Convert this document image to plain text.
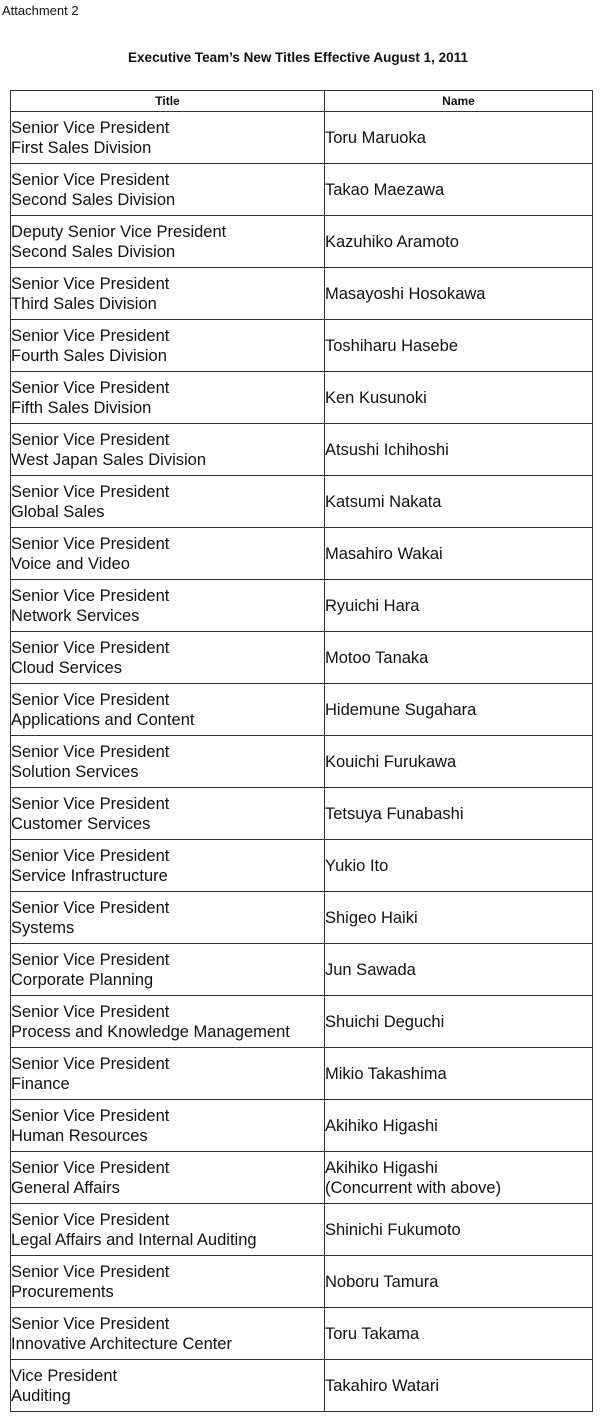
Attachment 2
Executive Team’s New Titles Effective August 1, 2011
Title	Name

Senior Vice President
First Sales Division	Toru Maruoka

Senior Vice President
Second Sales Division	Takao Maezawa

Deputy Senior Vice President
Second Sales Division	Kazuhiko Aramoto

Senior Vice President
Third Sales Division	Masayoshi Hosokawa

Senior Vice President
Fourth Sales Division	Toshiharu Hasebe

Senior Vice President
Fifth Sales Division	Ken Kusunoki

Senior Vice President
West Japan Sales Division	Atsushi Ichihoshi

Senior Vice President
Global Sales	Katsumi Nakata

Senior Vice President
Voice and Video	Masahiro Wakai

Senior Vice President
Network Services	Ryuichi Hara

Senior Vice President
Cloud Services	Motoo Tanaka

Senior Vice President
Applications and Content	Hidemune Sugahara

Senior Vice President
Solution Services	Kouichi Furukawa

Senior Vice President
Customer Services	Tetsuya Funabashi

Senior Vice President
Service Infrastructure	Yukio Ito

Senior Vice President
Systems	Shigeo Haiki

Senior Vice President
Corporate Planning	Jun Sawada

Senior Vice President
Process and Knowledge Management	Shuichi Deguchi

Senior Vice President
Finance	Mikio Takashima

Senior Vice President
Human Resources	Akihiko Higashi

Senior Vice President
General Affairs	Akihiko Higashi
(Concurrent with above)

Senior Vice President
Legal Affairs and Internal Auditing	Shinichi Fukumoto

Senior Vice President
Procurements	Noboru Tamura

Senior Vice President
Innovative Architecture Center	Toru Takama

Vice President
Auditing	Takahiro Watari
